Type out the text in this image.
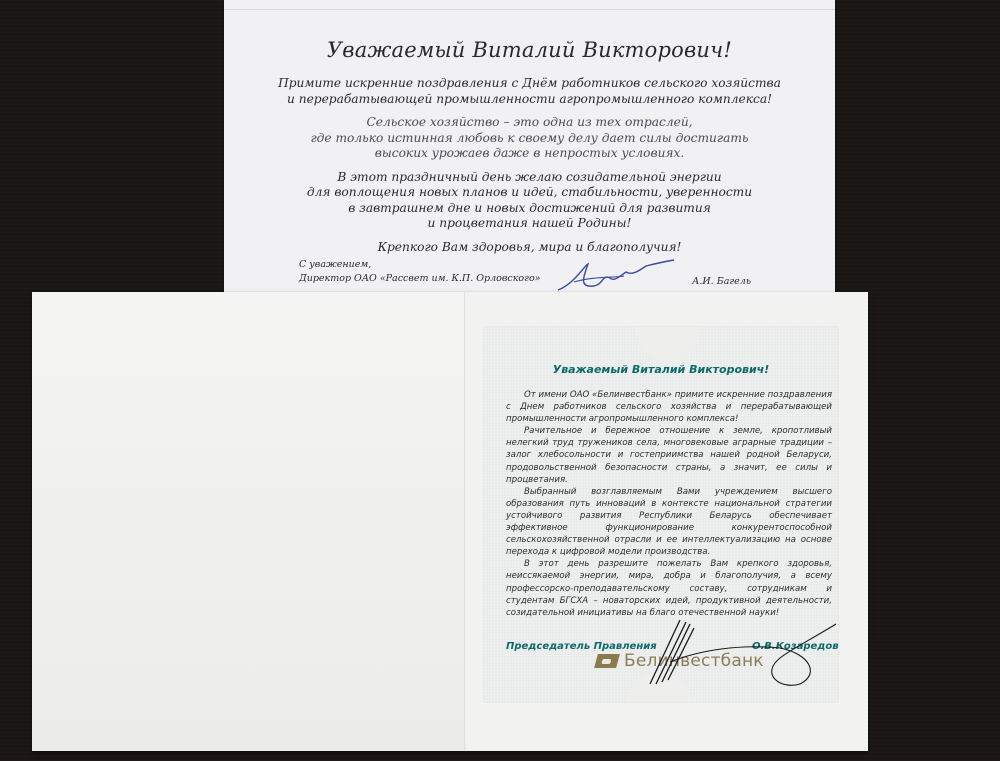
Уважаемый Виталий Викторович!

Примите искренние поздравления с Днём работников сельского хозяйства
и перерабатывающей промышленности агропромышленного комплекса!

Сельское хозяйство – это одна из тех отраслей,
где только истинная любовь к своему делу дает силы достигать
высоких урожаев даже в непростых условиях.

В этот праздничный день желаю созидательной энергии
для воплощения новых планов и идей, стабильности, уверенности
в завтрашнем дне и новых достижений для развития
и процветания нашей Родины!

Крепкого Вам здоровья, мира и благополучия!

С уважением,
Директор ОАО «Рассвет им. К.П. Орловского»	А.И. Багель
Уважаемый Виталий Викторович!

От имени ОАО «Белинвестбанк» примите искренние поздравления с Днем работников сельского хозяйства и перерабатывающей промышленности агропромышленного комплекса!

Рачительное и бережное отношение к земле, кропотливый нелегкий труд тружеников села, многовековые аграрные традиции – залог хлебосольности и гостеприимства нашей родной Беларуси, продовольственной безопасности страны, а значит, ее силы и процветания.

Выбранный возглавляемым Вами учреждением высшего образования путь инноваций в контексте национальной стратегии устойчивого развития Республики Беларусь обеспечивает эффективное функционирование конкурентоспособной сельскохозяйственной отрасли и ее интеллектуализацию на основе перехода к цифровой модели производства.

В этот день разрешите пожелать Вам крепкого здоровья, неиссякаемой энергии, мира, добра и благополучия, а всему профессорско-преподавательскому составу, сотрудникам и студентам БГСХА – новаторских идей, продуктивной деятельности, созидательной инициативы на благо отечественной науки!

Председатель Правления	О.В.Козаредов
Белинвестбанк
